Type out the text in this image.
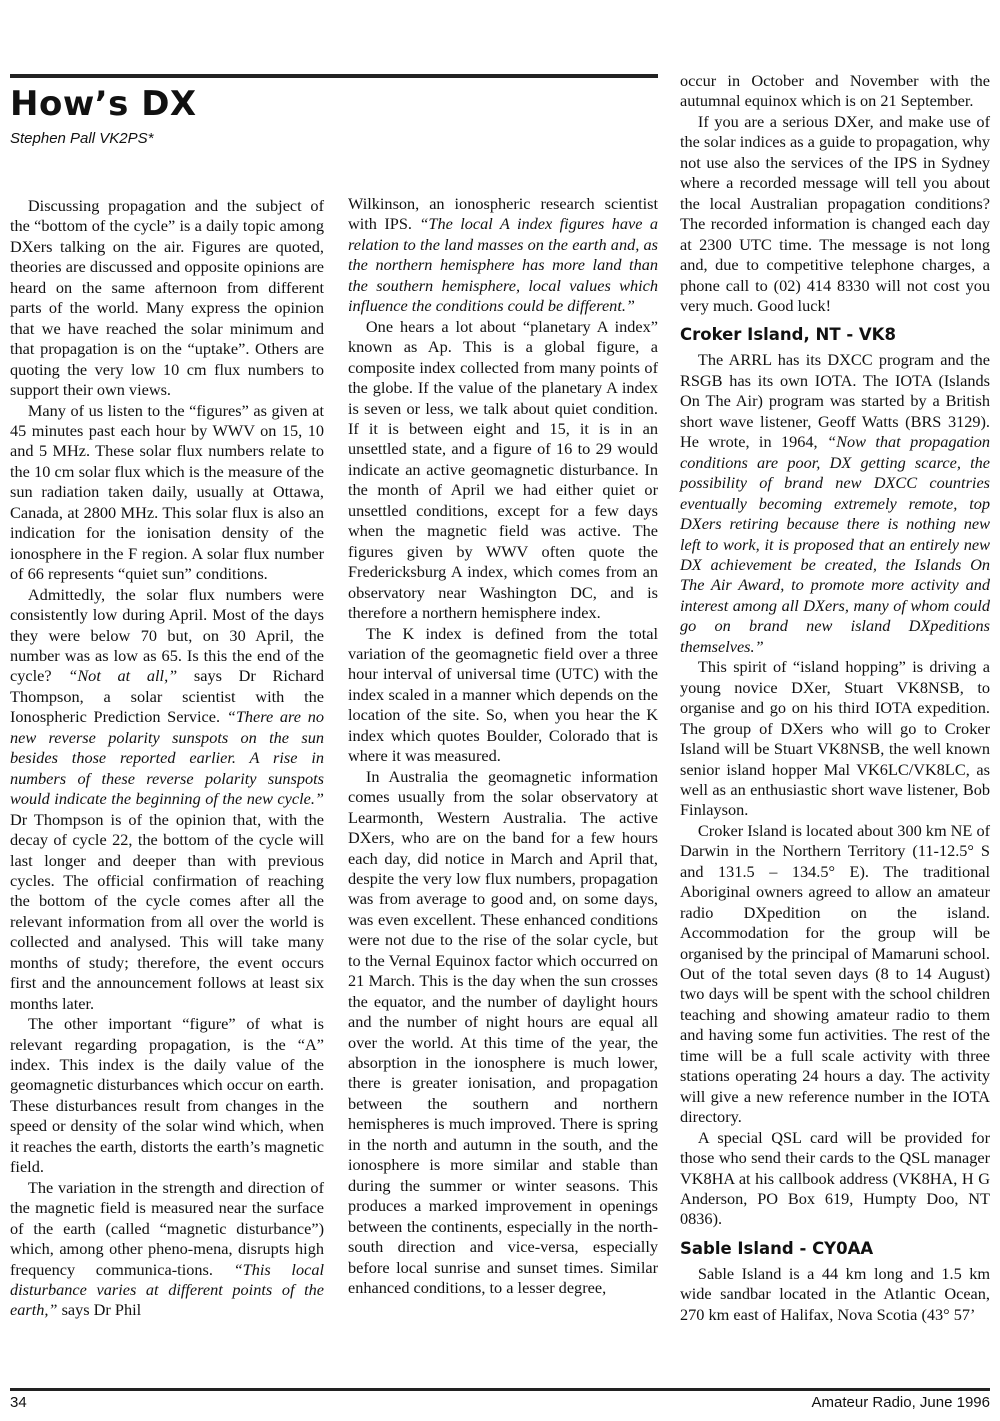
How’s DX
Stephen Pall VK2PS*

Discussing propagation and the subject of the “bottom of the cycle” is a daily topic among DXers talking on the air. Figures are quoted, theories are discussed and opposite opinions are heard on the same afternoon from different parts of the world. Many express the opinion that we have reached the solar minimum and that propagation is on the “uptake”. Others are quoting the very low 10 cm flux numbers to support their own views.

Many of us listen to the “figures” as given at 45 minutes past each hour by WWV on 15, 10 and 5 MHz. These solar flux numbers relate to the 10 cm solar flux which is the measure of the sun radiation taken daily, usually at Ottawa, Canada, at 2800 MHz. This solar flux is also an indication for the ionisation density of the ionosphere in the F region. A solar flux number of 66 represents “quiet sun” conditions.

Admittedly, the solar flux numbers were consistently low during April. Most of the days they were below 70 but, on 30 April, the number was as low as 65. Is this the end of the cycle? “Not at all,” says Dr Richard Thompson, a solar scientist with the Ionospheric Prediction Service. “There are no new reverse polarity sunspots on the sun besides those reported earlier. A rise in numbers of these reverse polarity sunspots would indicate the beginning of the new cycle.” Dr Thompson is of the opinion that, with the decay of cycle 22, the bottom of the cycle will last longer and deeper than with previous cycles. The official confirmation of reaching the bottom of the cycle comes after all the relevant information from all over the world is collected and analysed. This will take many months of study; therefore, the event occurs first and the announcement follows at least six months later.

The other important “figure” of what is relevant regarding propagation, is the “A” index. This index is the daily value of the geomagnetic disturbances which occur on earth. These disturbances result from changes in the speed or density of the solar wind which, when it reaches the earth, distorts the earth’s magnetic field.

The variation in the strength and direction of the magnetic field is measured near the surface of the earth (called “magnetic disturbance”) which, among other pheno-mena, disrupts high frequency communica-tions. “This local disturbance varies at different points of the earth,” says Dr Phil

Wilkinson, an ionospheric research scientist with IPS. “The local A index figures have a relation to the land masses on the earth and, as the northern hemisphere has more land than the southern hemisphere, local values which influence the conditions could be different.”

One hears a lot about “planetary A index” known as Ap. This is a global figure, a composite index collected from many points of the globe. If the value of the planetary A index is seven or less, we talk about quiet condition. If it is between eight and 15, it is in an unsettled state, and a figure of 16 to 29 would indicate an active geomagnetic disturbance. In the month of April we had either quiet or unsettled conditions, except for a few days when the magnetic field was active. The figures given by WWV often quote the Fredericksburg A index, which comes from an observatory near Washington DC, and is therefore a northern hemisphere index.

The K index is defined from the total variation of the geomagnetic field over a three hour interval of universal time (UTC) with the index scaled in a manner which depends on the location of the site. So, when you hear the K index which quotes Boulder, Colorado that is where it was measured.

In Australia the geomagnetic information comes usually from the solar observatory at Learmonth, Western Australia. The active DXers, who are on the band for a few hours each day, did notice in March and April that, despite the very low flux numbers, propagation was from average to good and, on some days, was even excellent. These enhanced conditions were not due to the rise of the solar cycle, but to the Vernal Equinox factor which occurred on 21 March. This is the day when the sun crosses the equator, and the number of daylight hours and the number of night hours are equal all over the world. At this time of the year, the absorption in the ionosphere is much lower, there is greater ionisation, and propagation between the southern and northern hemispheres is much improved. There is spring in the north and autumn in the south, and the ionosphere is more similar and stable than during the summer or winter seasons. This produces a marked improvement in openings between the continents, especially in the north-south direction and vice-versa, especially before local sunrise and sunset times. Similar enhanced conditions, to a lesser degree,

occur in October and November with the autumnal equinox which is on 21 September.

If you are a serious DXer, and make use of the solar indices as a guide to propagation, why not use also the services of the IPS in Sydney where a recorded message will tell you about the local Australian propagation conditions? The recorded information is changed each day at 2300 UTC time. The message is not long and, due to competitive telephone charges, a phone call to (02) 414 8330 will not cost you very much. Good luck!

Croker Island, NT - VK8

The ARRL has its DXCC program and the RSGB has its own IOTA. The IOTA (Islands On The Air) program was started by a British short wave listener, Geoff Watts (BRS 3129). He wrote, in 1964, “Now that propagation conditions are poor, DX getting scarce, the possibility of brand new DXCC countries eventually becoming extremely remote, top DXers retiring because there is nothing new left to work, it is proposed that an entirely new DX achievement be created, the Islands On The Air Award, to promote more activity and interest among all DXers, many of whom could go on brand new island DXpeditions themselves.”

This spirit of “island hopping” is driving a young novice DXer, Stuart VK8NSB, to organise and go on his third IOTA expedition. The group of DXers who will go to Croker Island will be Stuart VK8NSB, the well known senior island hopper Mal VK6LC/VK8LC, as well as an enthusiastic short wave listener, Bob Finlayson.

Croker Island is located about 300 km NE of Darwin in the Northern Territory (11-12.5° S and 131.5 – 134.5° E). The traditional Aboriginal owners agreed to allow an amateur radio DXpedition on the island. Accommodation for the group will be organised by the principal of Mamaruni school. Out of the total seven days (8 to 14 August) two days will be spent with the school children teaching and showing amateur radio to them and having some fun activities. The rest of the time will be a full scale activity with three stations operating 24 hours a day. The activity will give a new reference number in the IOTA directory.

A special QSL card will be provided for those who send their cards to the QSL manager VK8HA at his callbook address (VK8HA, H G Anderson, PO Box 619, Humpty Doo, NT 0836).

Sable Island - CY0AA

Sable Island is a 44 km long and 1.5 km wide sandbar located in the Atlantic Ocean, 270 km east of Halifax, Nova Scotia (43° 57’

34	Amateur Radio, June 1996
